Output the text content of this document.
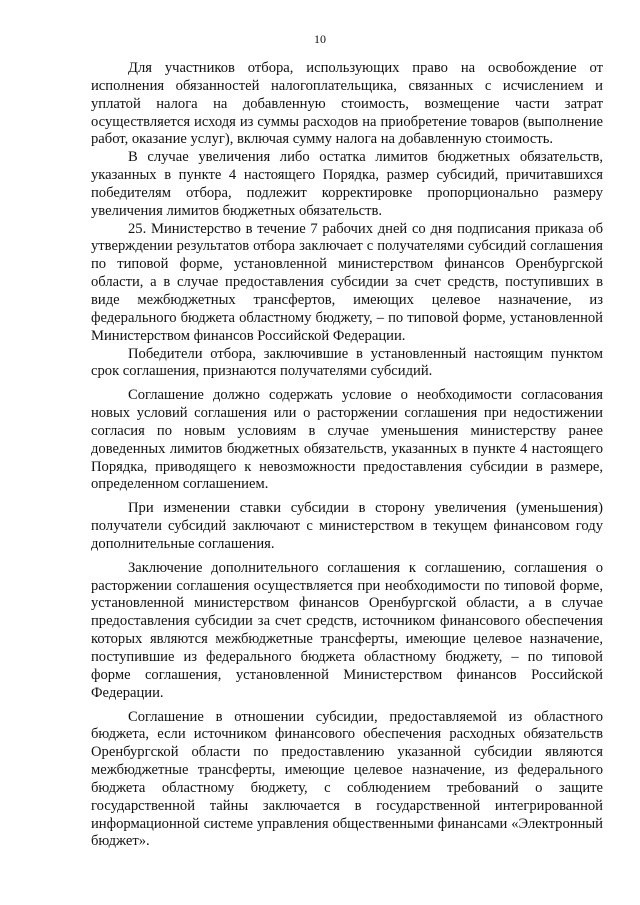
10

Для участников отбора, использующих право на освобождение от исполнения обязанностей налогоплательщика, связанных с исчислением и уплатой налога на добавленную стоимость, возмещение части затрат осуществляется исходя из суммы расходов на приобретение товаров (выполнение работ, оказание услуг), включая сумму налога на добавленную стоимость.

В случае увеличения либо остатка лимитов бюджетных обязательств, указанных в пункте 4 настоящего Порядка, размер субсидий, причитавшихся победителям отбора, подлежит корректировке пропорционально размеру увеличения лимитов бюджетных обязательств.

25. Министерство в течение 7 рабочих дней со дня подписания приказа об утверждении результатов отбора заключает с получателями субсидий соглашения по типовой форме, установленной министерством финансов Оренбургской области, а в случае предоставления субсидии за счет средств, поступивших в виде межбюджетных трансфертов, имеющих целевое назначение, из федерального бюджета областному бюджету, – по типовой форме, установленной Министерством финансов Российской Федерации.

Победители отбора, заключившие в установленный настоящим пунктом срок соглашения, признаются получателями субсидий.

Соглашение должно содержать условие о необходимости согласования новых условий соглашения или о расторжении соглашения при недостижении согласия по новым условиям в случае уменьшения министерству ранее доведенных лимитов бюджетных обязательств, указанных в пункте 4 настоящего Порядка, приводящего к невозможности предоставления субсидии в размере, определенном соглашением.

При изменении ставки субсидии в сторону увеличения (уменьшения) получатели субсидий заключают с министерством в текущем финансовом году дополнительные соглашения.

Заключение дополнительного соглашения к соглашению, соглашения о расторжении соглашения осуществляется при необходимости по типовой форме, установленной министерством финансов Оренбургской области, а в случае предоставления субсидии за счет средств, источником финансового обеспечения которых являются межбюджетные трансферты, имеющие целевое назначение, поступившие из федерального бюджета областному бюджету, – по типовой форме соглашения, установленной Министерством финансов Российской Федерации.

Соглашение в отношении субсидии, предоставляемой из областного бюджета, если источником финансового обеспечения расходных обязательств Оренбургской области по предоставлению указанной субсидии являются межбюджетные трансферты, имеющие целевое назначение, из федерального бюджета областному бюджету, с соблюдением требований о защите государственной тайны заключается в государственной интегрированной информационной системе управления общественными финансами «Электронный бюджет».
